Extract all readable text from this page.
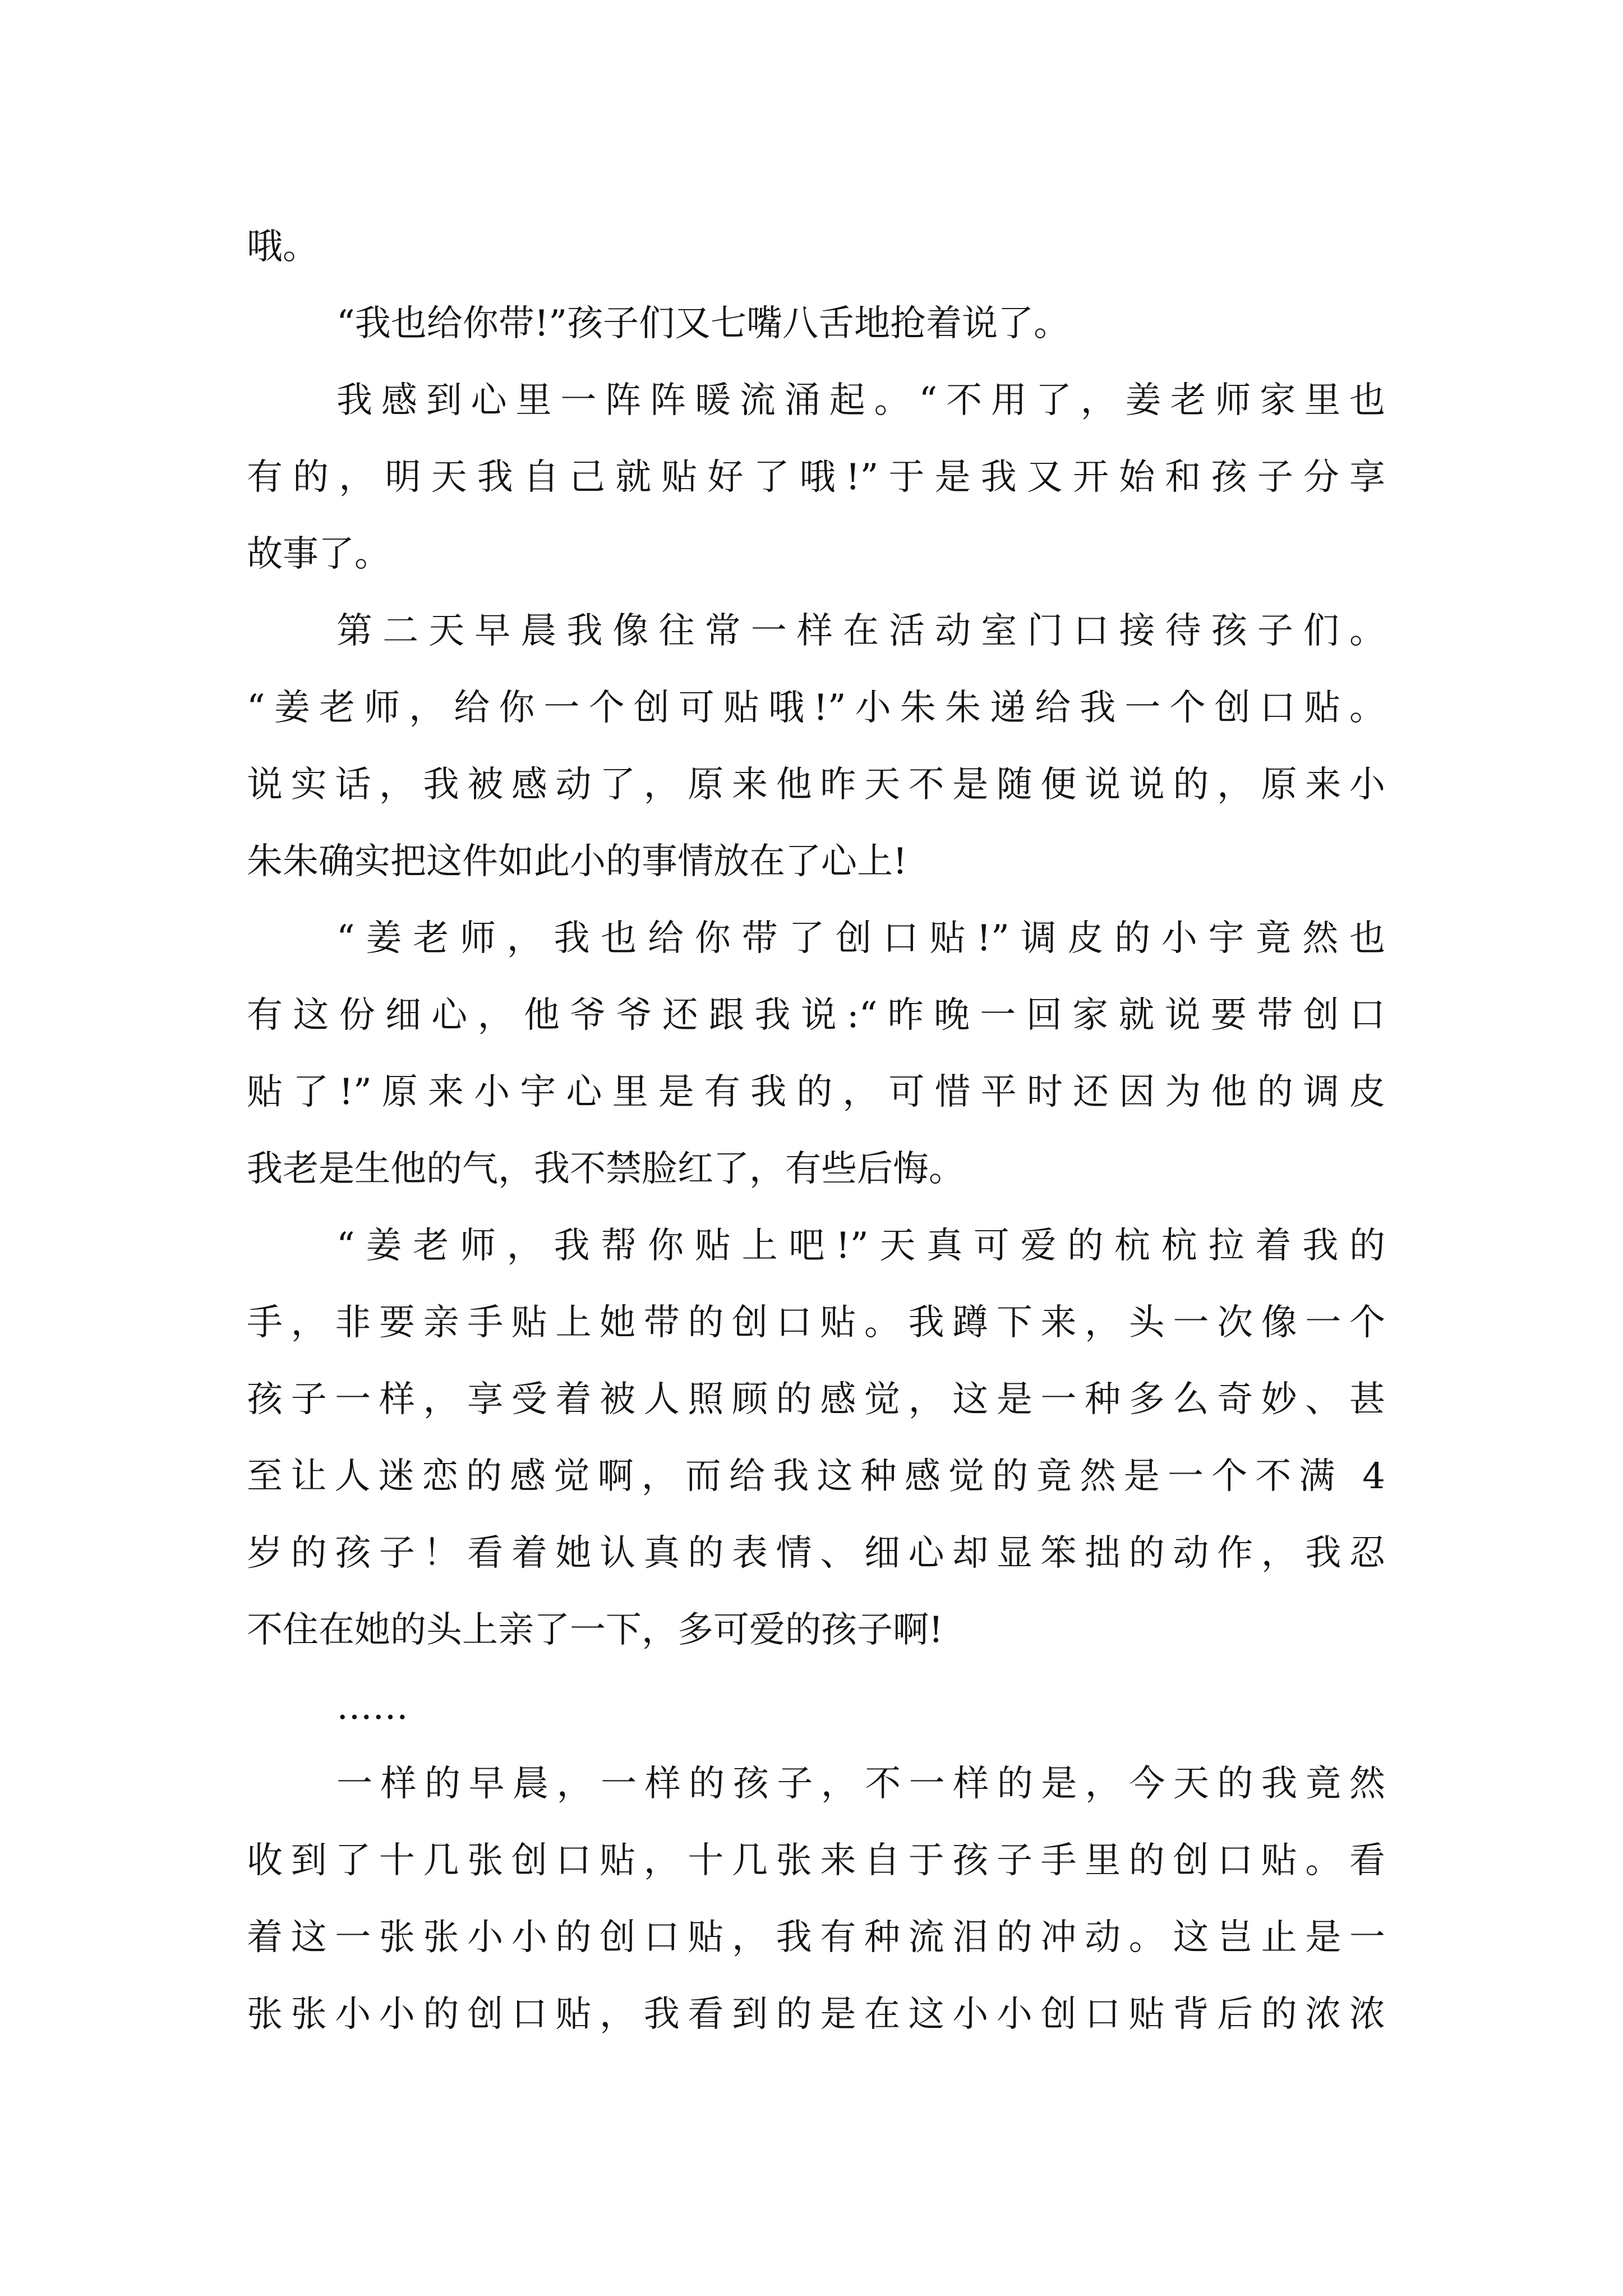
哦。
“我也给你带!”孩子们又七嘴八舌地抢着说了。
我感到心里一阵阵暖流涌起。“不用了，姜老师家里也
有的，明天我自己就贴好了哦!”于是我又开始和孩子分享
故事了。
第二天早晨我像往常一样在活动室门口接待孩子们。
“姜老师，给你一个创可贴哦!”小朱朱递给我一个创口贴。
说实话，我被感动了，原来他昨天不是随便说说的，原来小
朱朱确实把这件如此小的事情放在了心上!
“姜老师，我也给你带了创口贴!”调皮的小宇竟然也
有这份细心，他爷爷还跟我说:“昨晚一回家就说要带创口
贴了!”原来小宇心里是有我的，可惜平时还因为他的调皮
我老是生他的气，我不禁脸红了，有些后悔。
“姜老师，我帮你贴上吧!”天真可爱的杭杭拉着我的
手，非要亲手贴上她带的创口贴。我蹲下来，头一次像一个
孩子一样，享受着被人照顾的感觉，这是一种多么奇妙、甚
至让人迷恋的感觉啊，而给我这种感觉的竟然是一个不满 4
岁的孩子！看着她认真的表情、细心却显笨拙的动作，我忍
不住在她的头上亲了一下，多可爱的孩子啊!
……
一样的早晨，一样的孩子，不一样的是，今天的我竟然
收到了十几张创口贴，十几张来自于孩子手里的创口贴。看
着这一张张小小的创口贴，我有种流泪的冲动。这岂止是一
张张小小的创口贴，我看到的是在这小小创口贴背后的浓浓
